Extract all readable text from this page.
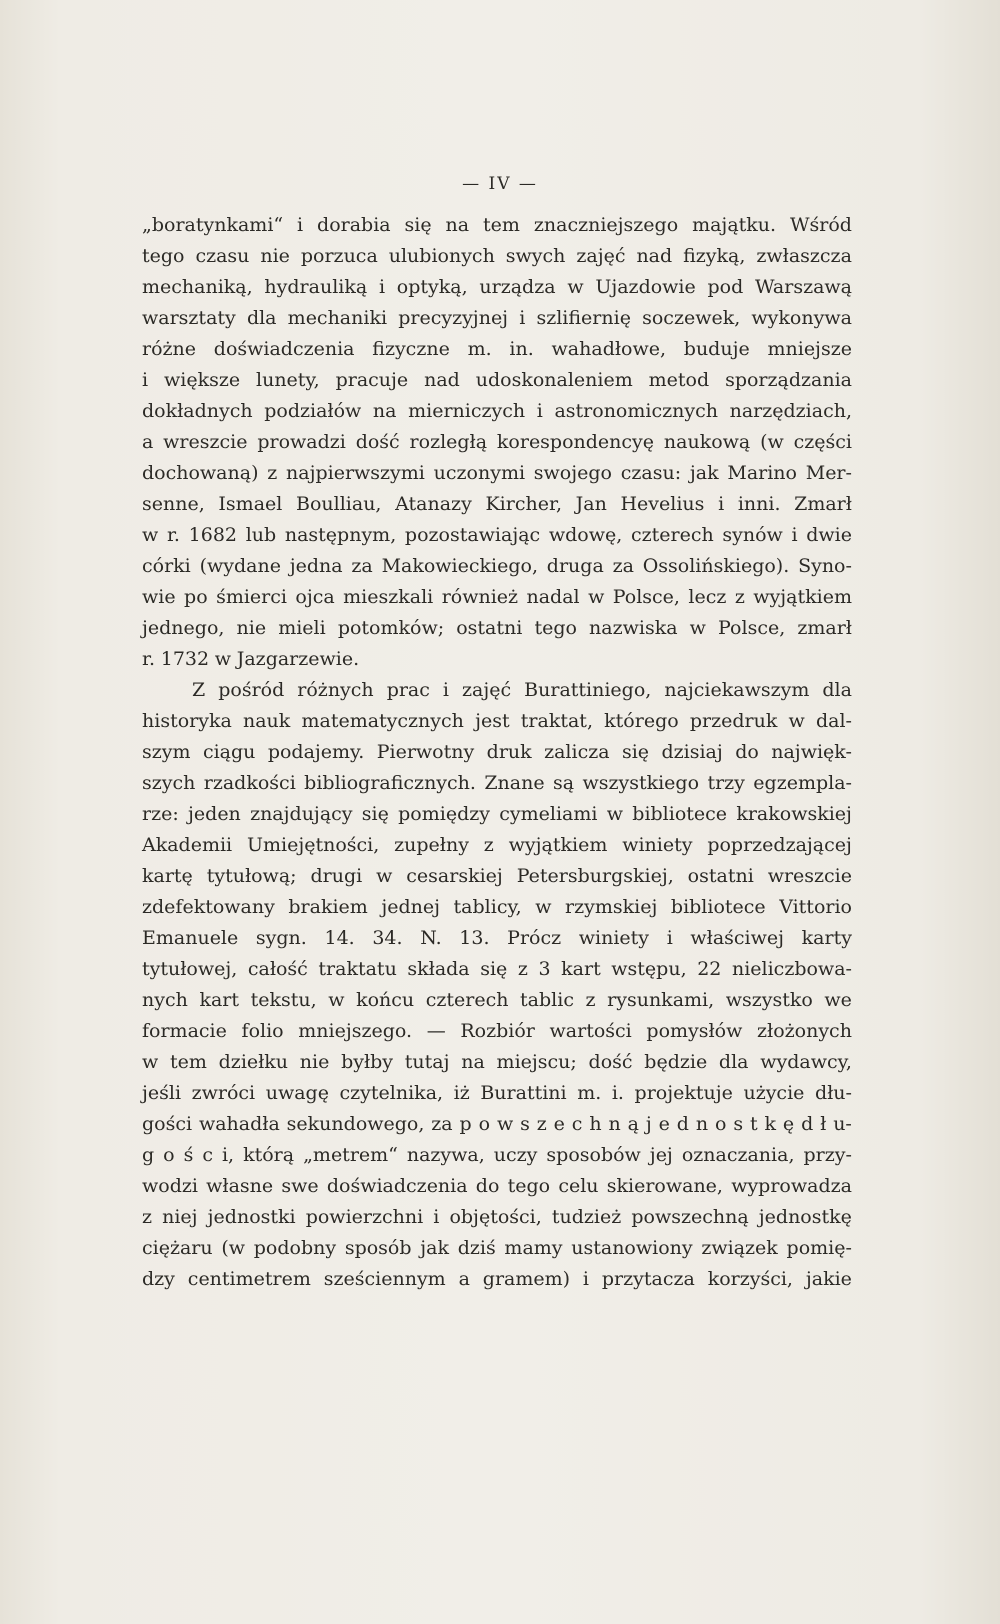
— IV —
„boratynkami“ i dorabia się na tem znaczniejszego majątku. Wśród
tego czasu nie porzuca ulubionych swych zajęć nad fizyką, zwłaszcza
mechaniką, hydrauliką i optyką, urządza w Ujazdowie pod Warszawą
warsztaty dla mechaniki precyzyjnej i szlifiernię soczewek, wykonywa
różne doświadczenia fizyczne m. in. wahadłowe, buduje mniejsze
i większe lunety, pracuje nad udoskonaleniem metod sporządzania
dokładnych podziałów na mierniczych i astronomicznych narzędziach,
a wreszcie prowadzi dość rozległą korespondencyę naukową (w części
dochowaną) z najpierwszymi uczonymi swojego czasu: jak Marino Mer-
senne, Ismael Boulliau, Atanazy Kircher, Jan Hevelius i inni. Zmarł
w r. 1682 lub następnym, pozostawiając wdowę, czterech synów i dwie
córki (wydane jedna za Makowieckiego, druga za Ossolińskiego). Syno-
wie po śmierci ojca mieszkali również nadal w Polsce, lecz z wyjątkiem
jednego, nie mieli potomków; ostatni tego nazwiska w Polsce, zmarł
r. 1732 w Jazgarzewie.
Z pośród różnych prac i zajęć Burattiniego, najciekawszym dla
historyka nauk matematycznych jest traktat, którego przedruk w dal-
szym ciągu podajemy. Pierwotny druk zalicza się dzisiaj do najwięk-
szych rzadkości bibliograficznych. Znane są wszystkiego trzy egzempla-
rze: jeden znajdujący się pomiędzy cymeliami w bibliotece krakowskiej
Akademii Umiejętności, zupełny z wyjątkiem winiety poprzedzającej
kartę tytułową; drugi w cesarskiej Petersburgskiej, ostatni wreszcie
zdefektowany brakiem jednej tablicy, w rzymskiej bibliotece Vittorio
Emanuele sygn. 14. 34. N. 13. Prócz winiety i właściwej karty
tytułowej, całość traktatu składa się z 3 kart wstępu, 22 nieliczbowa-
nych kart tekstu, w końcu czterech tablic z rysunkami, wszystko we
formacie folio mniejszego. — Rozbiór wartości pomysłów złożonych
w tem dziełku nie byłby tutaj na miejscu; dość będzie dla wydawcy,
jeśli zwróci uwagę czytelnika, iż Burattini m. i. projektuje użycie dłu-
gości wahadła sekundowego, za p o w s z e c h n ą j e d n o s t k ę d ł u-
g o ś c i, którą „metrem“ nazywa, uczy sposobów jej oznaczania, przy-
wodzi własne swe doświadczenia do tego celu skierowane, wyprowadza
z niej jednostki powierzchni i objętości, tudzież powszechną jednostkę
ciężaru (w podobny sposób jak dziś mamy ustanowiony związek pomię-
dzy centimetrem sześciennym a gramem) i przytacza korzyści, jakie
